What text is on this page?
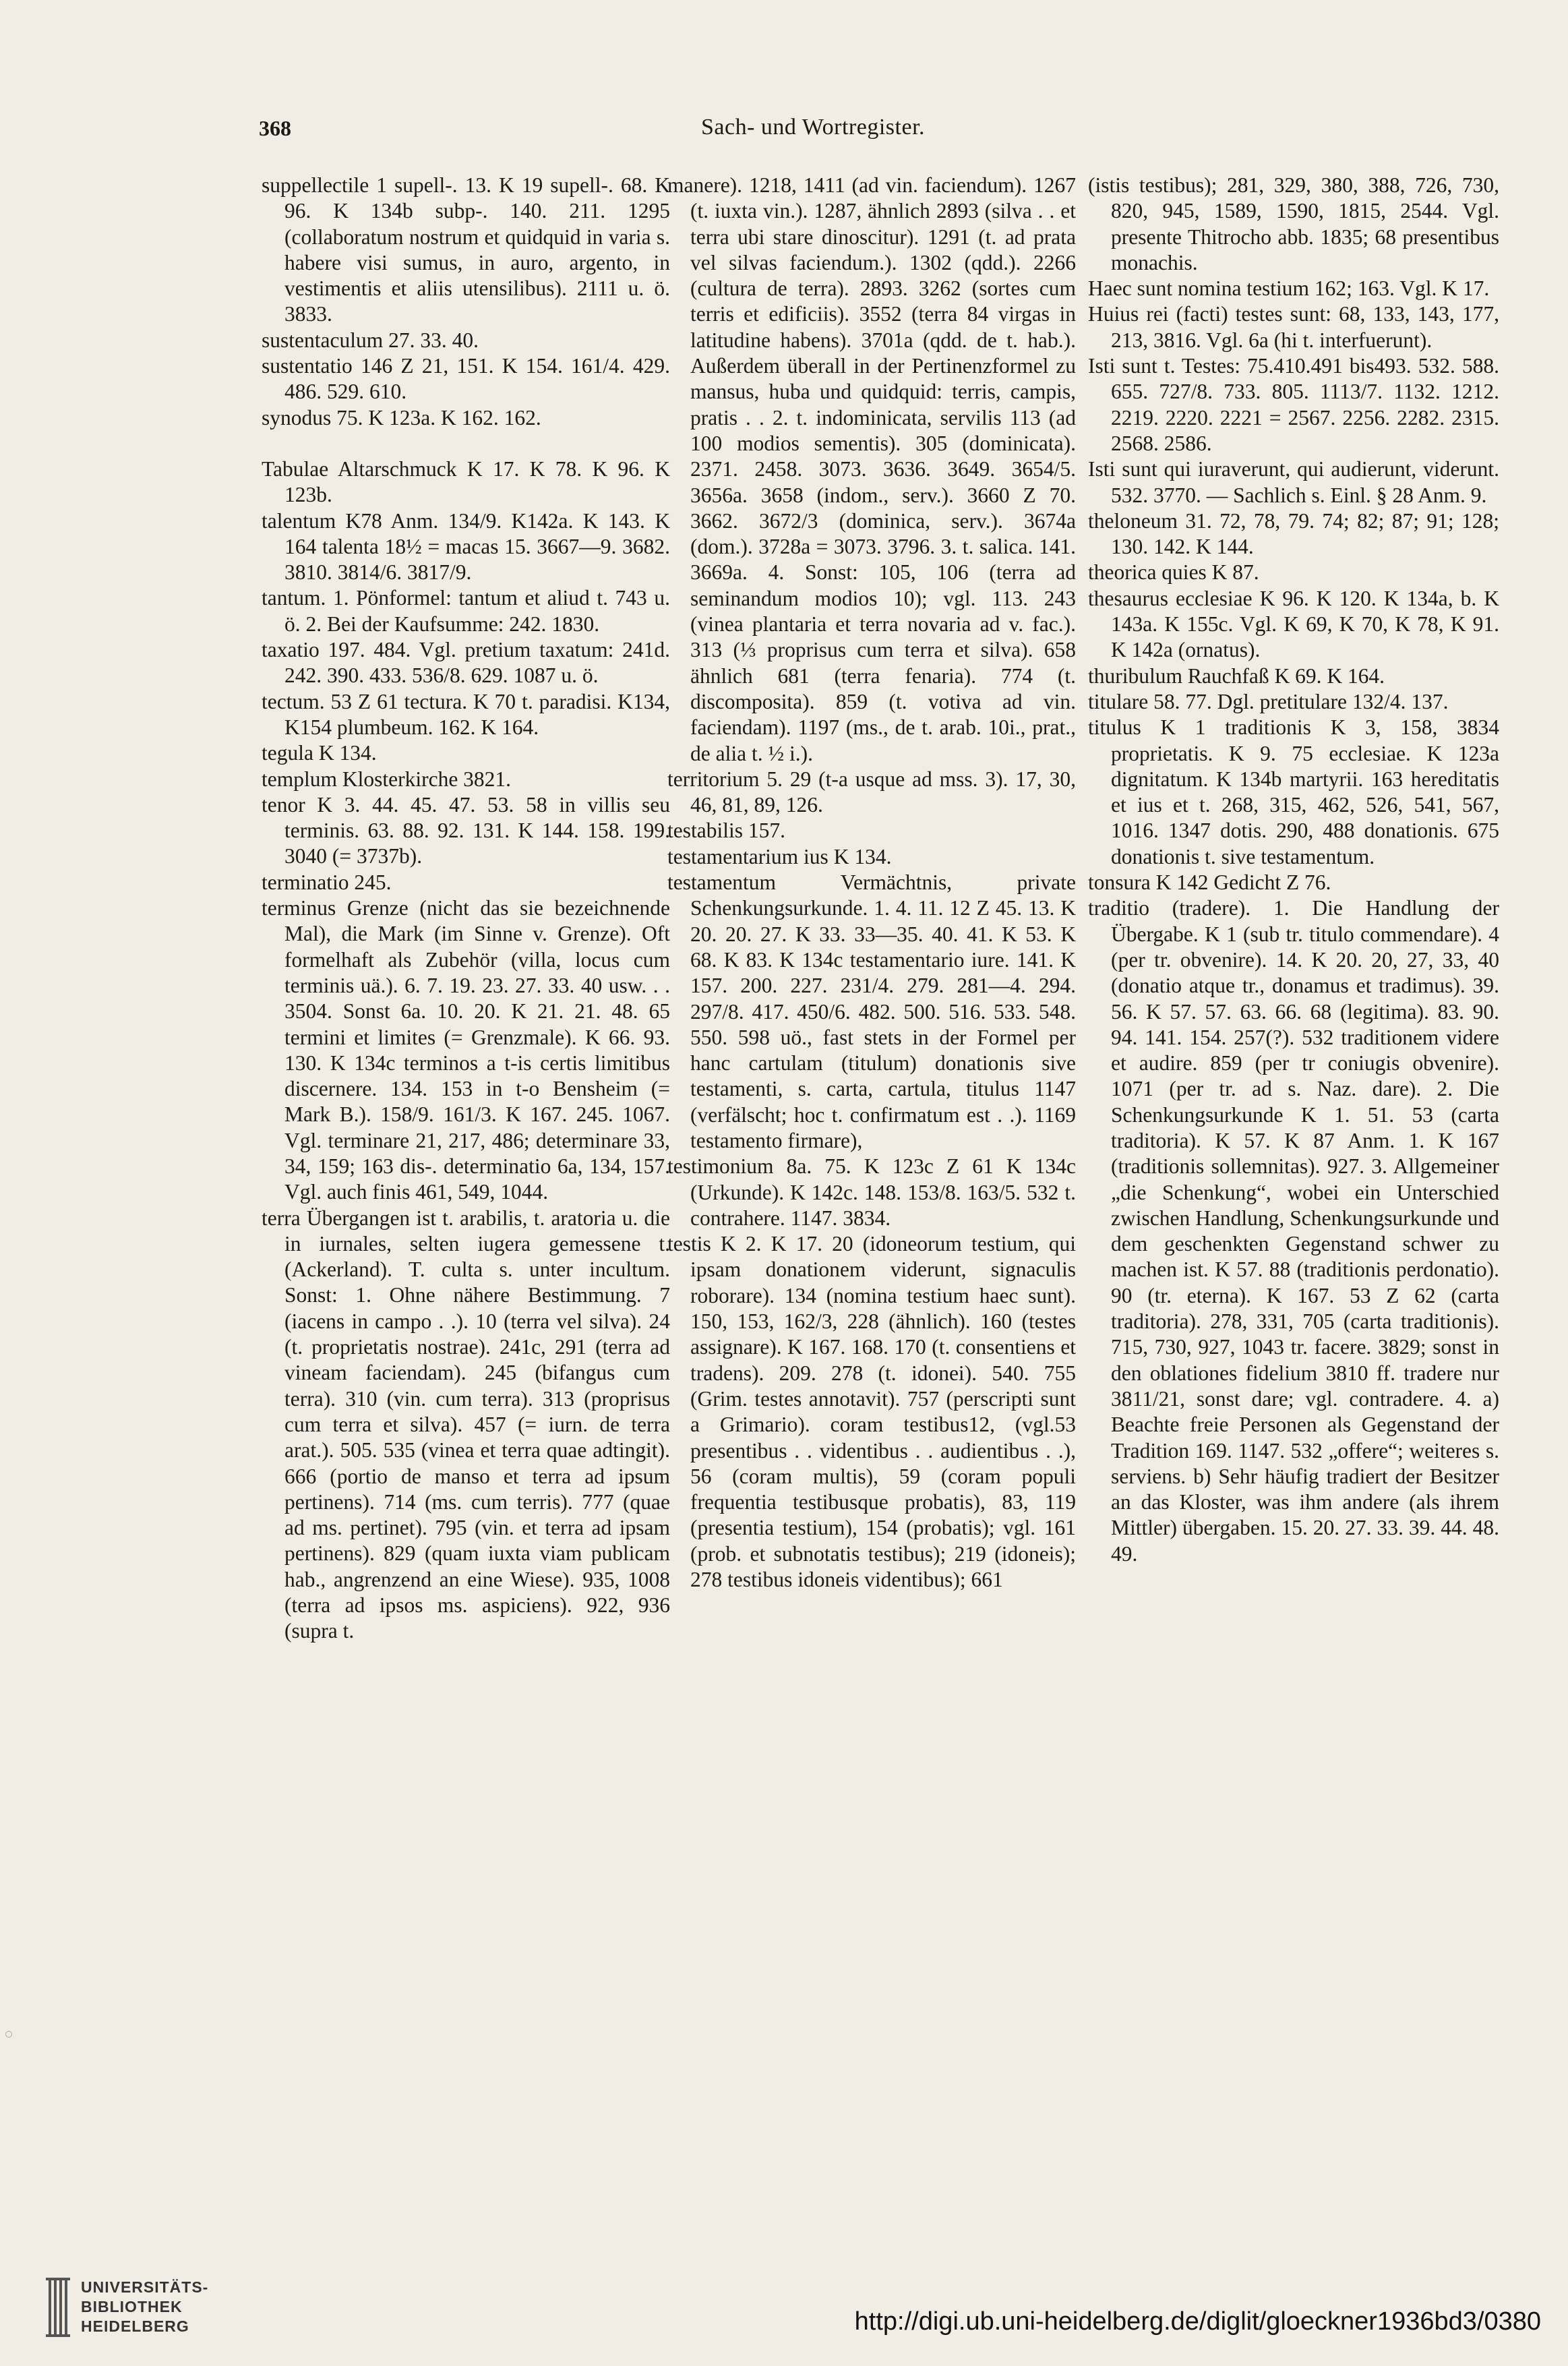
368	Sach- und Wortregister.

suppellectile 1 supell-. 13. K 19 supell-. 68. K 96. K 134b subp-. 140. 211. 1295 (collaboratum nostrum et quidquid in varia s. habere visi sumus, in auro, argento, in vestimentis et aliis utensilibus). 2111 u. ö. 3833.

sustentaculum 27. 33. 40.

sustentatio 146 Z 21, 151. K 154. 161/4. 429. 486. 529. 610.

synodus 75. K 123a. K 162. 162.

Tabulae Altarschmuck K 17. K 78. K 96. K 123b.

talentum K78 Anm. 134/9. K142a. K 143. K 164 talenta 18½ = macas 15. 3667—9. 3682. 3810. 3814/6. 3817/9.

tantum. 1. Pönformel: tantum et aliud t. 743 u. ö. 2. Bei der Kaufsumme: 242. 1830.

taxatio 197. 484. Vgl. pretium taxatum: 241d. 242. 390. 433. 536/8. 629. 1087 u. ö.

tectum. 53 Z 61 tectura. K 70 t. paradisi. K134, K154 plumbeum. 162. K 164.

tegula K 134.

templum Klosterkirche 3821.

tenor K 3. 44. 45. 47. 53. 58 in villis seu terminis. 63. 88. 92. 131. K 144. 158. 199. 3040 (= 3737b).

terminatio 245.

terminus Grenze (nicht das sie bezeichnende Mal), die Mark (im Sinne v. Grenze). Oft formelhaft als Zubehör (villa, locus cum terminis uä.). 6. 7. 19. 23. 27. 33. 40 usw. . . 3504. Sonst 6a. 10. 20. K 21. 21. 48. 65 termini et limites (= Grenzmale). K 66. 93. 130. K 134c terminos a t-is certis limitibus discernere. 134. 153 in t-o Bensheim (= Mark B.). 158/9. 161/3. K 167. 245. 1067. Vgl. terminare 21, 217, 486; determinare 33, 34, 159; 163 dis-. determinatio 6a, 134, 157. Vgl. auch finis 461, 549, 1044.

terra Übergangen ist t. arabilis, t. aratoria u. die in iurnales, selten iugera gemessene t. (Ackerland). T. culta s. unter incultum. Sonst: 1. Ohne nähere Bestimmung. 7 (iacens in campo . .). 10 (terra vel silva). 24 (t. proprietatis nostrae). 241c, 291 (terra ad vineam faciendam). 245 (bifangus cum terra). 310 (vin. cum terra). 313 (proprisus cum terra et silva). 457 (= iurn. de terra arat.). 505. 535 (vinea et terra quae adtingit). 666 (portio de manso et terra ad ipsum pertinens). 714 (ms. cum terris). 777 (quae ad ms. pertinet). 795 (vin. et terra ad ipsam pertinens). 829 (quam iuxta viam publicam hab., angrenzend an eine Wiese). 935, 1008 (terra ad ipsos ms. aspiciens). 922, 936 (supra t.

manere). 1218, 1411 (ad vin. faciendum). 1267 (t. iuxta vin.). 1287, ähnlich 2893 (silva . . et terra ubi stare dinoscitur). 1291 (t. ad prata vel silvas faciendum.). 1302 (qdd.). 2266 (cultura de terra). 2893. 3262 (sortes cum terris et edificiis). 3552 (terra 84 virgas in latitudine habens). 3701a (qdd. de t. hab.). Außerdem überall in der Pertinenzformel zu mansus, huba und quidquid: terris, campis, pratis . . 2. t. indominicata, servilis 113 (ad 100 modios sementis). 305 (dominicata). 2371. 2458. 3073. 3636. 3649. 3654/5. 3656a. 3658 (indom., serv.). 3660 Z 70. 3662. 3672/3 (dominica, serv.). 3674a (dom.). 3728a = 3073. 3796. 3. t. salica. 141. 3669a. 4. Sonst: 105, 106 (terra ad seminandum modios 10); vgl. 113. 243 (vinea plantaria et terra novaria ad v. fac.). 313 (⅓ proprisus cum terra et silva). 658 ähnlich 681 (terra fenaria). 774 (t. discomposita). 859 (t. votiva ad vin. faciendam). 1197 (ms., de t. arab. 10i., prat., de alia t. ½ i.).

territorium 5. 29 (t-a usque ad mss. 3). 17, 30, 46, 81, 89, 126.

testabilis 157.

testamentarium ius K 134.

testamentum Vermächtnis, private Schenkungsurkunde. 1. 4. 11. 12 Z 45. 13. K 20. 20. 27. K 33. 33—35. 40. 41. K 53. K 68. K 83. K 134c testamentario iure. 141. K 157. 200. 227. 231/4. 279. 281—4. 294. 297/8. 417. 450/6. 482. 500. 516. 533. 548. 550. 598 uö., fast stets in der Formel per hanc cartulam (titulum) donationis sive testamenti, s. carta, cartula, titulus 1147 (verfälscht; hoc t. confirmatum est . .). 1169 testamento firmare),

testimonium 8a. 75. K 123c Z 61 K 134c (Urkunde). K 142c. 148. 153/8. 163/5. 532 t. contrahere. 1147. 3834.

testis K 2. K 17. 20 (idoneorum testium, qui ipsam donationem viderunt, signaculis roborare). 134 (nomina testium haec sunt). 150, 153, 162/3, 228 (ähnlich). 160 (testes assignare). K 167. 168. 170 (t. consentiens et tradens). 209. 278 (t. idonei). 540. 755 (Grim. testes annotavit). 757 (perscripti sunt a Grimario). coram testibus12, (vgl.53 presentibus . . videntibus . . audientibus . .), 56 (coram multis), 59 (coram populi frequentia testibusque probatis), 83, 119 (presentia testium), 154 (probatis); vgl. 161 (prob. et subnotatis testibus); 219 (idoneis); 278 testibus idoneis videntibus); 661

(istis testibus); 281, 329, 380, 388, 726, 730, 820, 945, 1589, 1590, 1815, 2544. Vgl. presente Thitrocho abb. 1835; 68 presentibus monachis.

Haec sunt nomina testium 162; 163. Vgl. K 17.

Huius rei (facti) testes sunt: 68, 133, 143, 177, 213, 3816. Vgl. 6a (hi t. interfuerunt).

Isti sunt t. Testes: 75.410.491 bis493. 532. 588. 655. 727/8. 733. 805. 1113/7. 1132. 1212. 2219. 2220. 2221 = 2567. 2256. 2282. 2315. 2568. 2586.

Isti sunt qui iuraverunt, qui audierunt, viderunt. 532. 3770. — Sachlich s. Einl. § 28 Anm. 9.

theloneum 31. 72, 78, 79. 74; 82; 87; 91; 128; 130. 142. K 144.

theorica quies K 87.

thesaurus ecclesiae K 96. K 120. K 134a, b. K 143a. K 155c. Vgl. K 69, K 70, K 78, K 91. K 142a (ornatus).

thuribulum Rauchfaß K 69. K 164.

titulare 58. 77. Dgl. pretitulare 132/4. 137.

titulus K 1 traditionis K 3, 158, 3834 proprietatis. K 9. 75 ecclesiae. K 123a dignitatum. K 134b martyrii. 163 hereditatis et ius et t. 268, 315, 462, 526, 541, 567, 1016. 1347 dotis. 290, 488 donationis. 675 donationis t. sive testamentum.

tonsura K 142 Gedicht Z 76.

traditio (tradere). 1. Die Handlung der Übergabe. K 1 (sub tr. titulo commendare). 4 (per tr. obvenire). 14. K 20. 20, 27, 33, 40 (donatio atque tr., donamus et tradimus). 39. 56. K 57. 57. 63. 66. 68 (legitima). 83. 90. 94. 141. 154. 257(?). 532 traditionem videre et audire. 859 (per tr coniugis obvenire). 1071 (per tr. ad s. Naz. dare). 2. Die Schenkungsurkunde K 1. 51. 53 (carta traditoria). K 57. K 87 Anm. 1. K 167 (traditionis sollemnitas). 927. 3. Allgemeiner „die Schenkung“, wobei ein Unterschied zwischen Handlung, Schenkungsurkunde und dem geschenkten Gegenstand schwer zu machen ist. K 57. 88 (traditionis perdonatio). 90 (tr. eterna). K 167. 53 Z 62 (carta traditoria). 278, 331, 705 (carta traditionis). 715, 730, 927, 1043 tr. facere. 3829; sonst in den oblationes fidelium 3810 ff. tradere nur 3811/21, sonst dare; vgl. contradere. 4. a) Beachte freie Personen als Gegenstand der Tradition 169. 1147. 532 „offere“; weiteres s. serviens. b) Sehr häufig tradiert der Besitzer an das Kloster, was ihm andere (als ihrem Mittler) übergaben. 15. 20. 27. 33. 39. 44. 48. 49.

UNIVERSITÄTS-
BIBLIOTHEK
HEIDELBERG	http://digi.ub.uni-heidelberg.de/diglit/gloeckner1936bd3/0380
